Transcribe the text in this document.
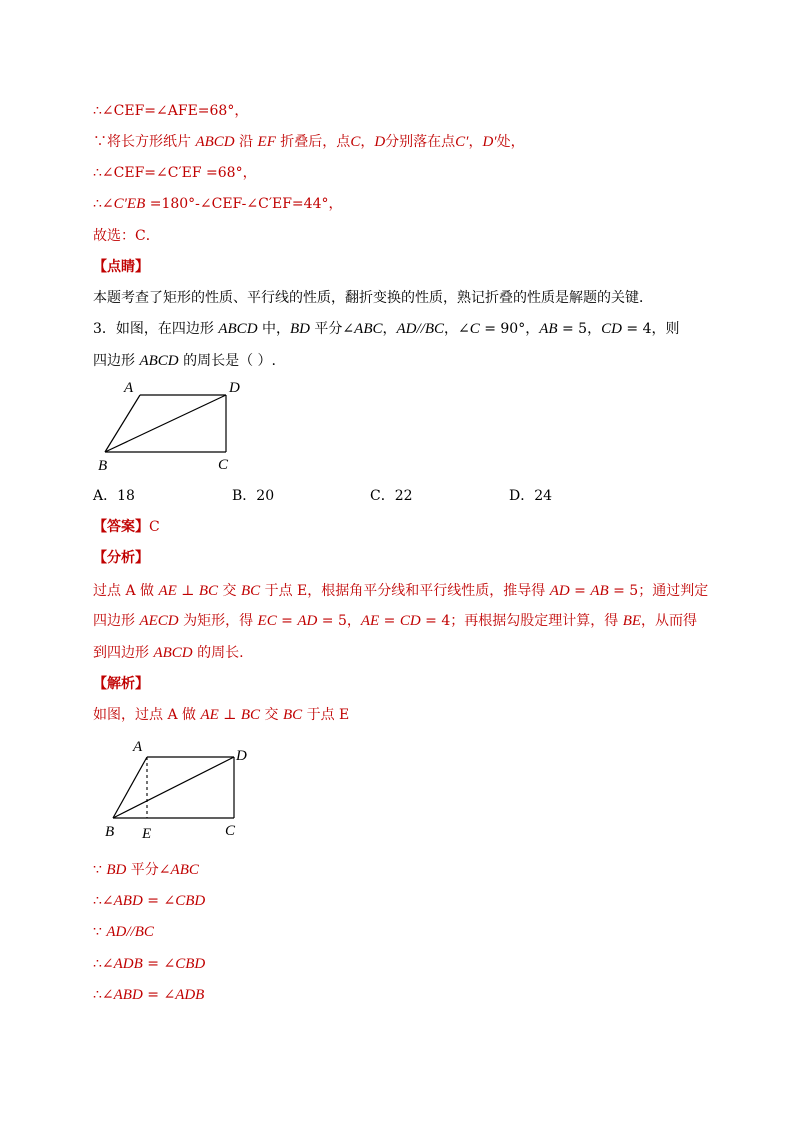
∴∠CEF=∠AFE=68°，
∵将长方形纸片 ABCD 沿 EF 折叠后，点C，D分别落在点C′，D′处，
∴∠CEF=∠C′EF =68°，
∴∠C′EB =180°-∠CEF-∠C′EF=44°，
故选：C．
【点睛】
本题考查了矩形的性质、平行线的性质，翻折变换的性质，熟记折叠的性质是解题的关键．
3．如图，在四边形 ABCD 中，BD 平分∠ABC，AD//BC，∠C = 90°，AB = 5，CD = 4，则
四边形 ABCD 的周长是（ ）.
A	D
B	C
A．18	B．20	C．22	D．24
【答案】C
【分析】
过点 A 做 AE ⊥ BC 交 BC 于点 E，根据角平分线和平行线性质，推导得 AD = AB = 5；通过判定
四边形 AECD 为矩形，得 EC = AD = 5，AE = CD = 4；再根据勾股定理计算，得 BE，从而得
到四边形 ABCD 的周长.
【解析】
如图，过点 A 做 AE ⊥ BC 交 BC 于点 E
A
D
B E	C
∵ BD 平分∠ABC
∴∠ABD = ∠CBD
∵ AD//BC
∴∠ADB = ∠CBD
∴∠ABD = ∠ADB
